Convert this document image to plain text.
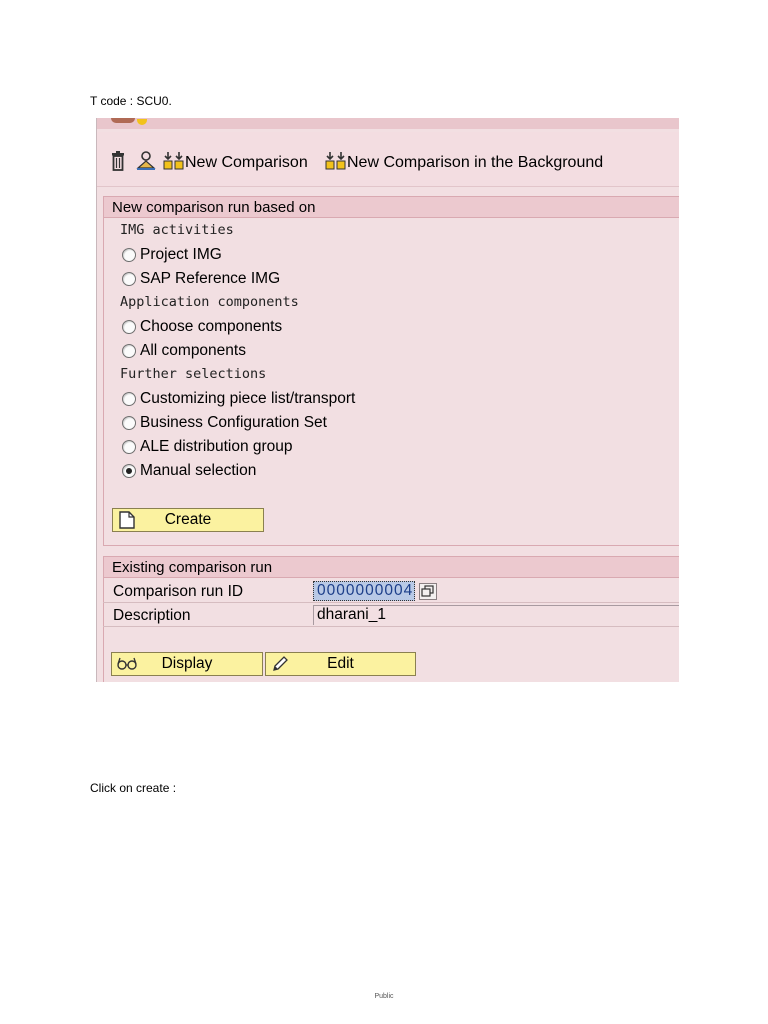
T code : SCU0.
New Comparison New Comparison in the Background
New comparison run based on
IMG activities
Project IMG
SAP Reference IMG
Application components
Choose components
All components
Further selections
Customizing piece list/transport
Business Configuration Set
ALE distribution group
Manual selection
Create
Existing comparison run
Comparison run ID	0000000004
Description	dharani_1
Display	Edit
Click on create :
Public
